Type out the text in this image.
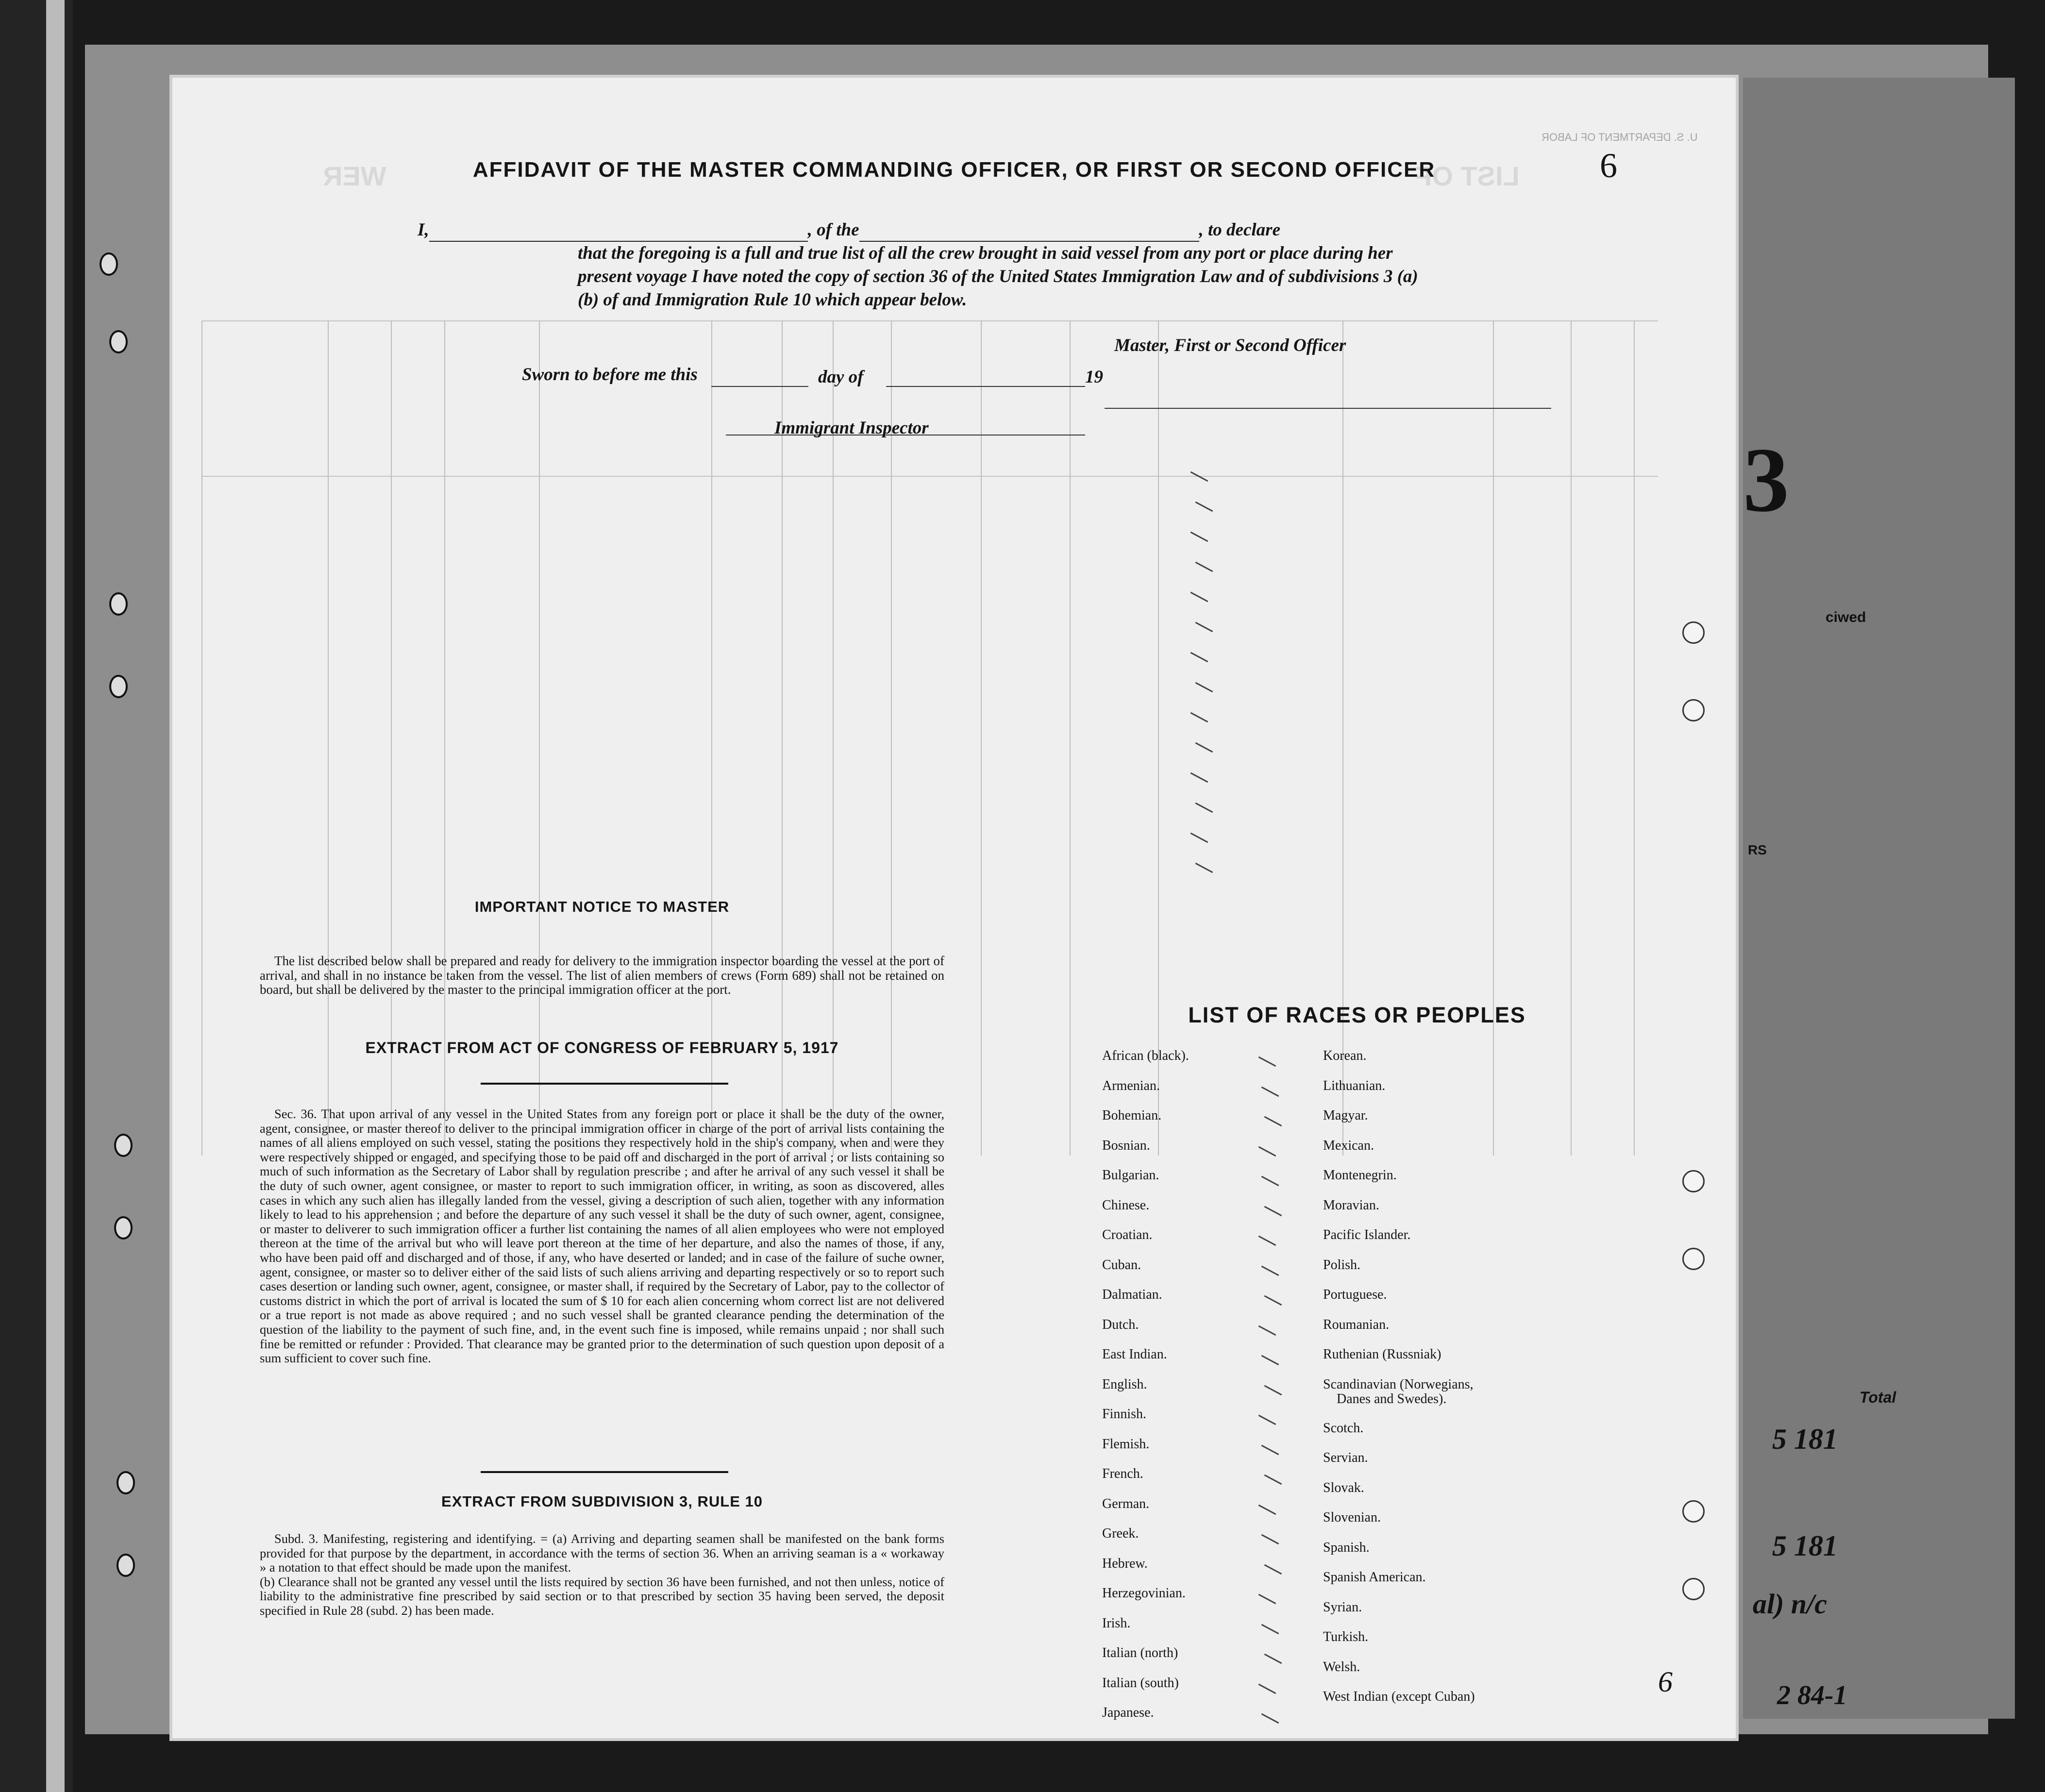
3
ciwed
Total
5 181
5 181
al) n/c
2 84-1
RS
WER	LIST OF
U. S. DEPARTMENT OF LABOR
AFFIDAVIT OF THE MASTER COMMANDING OFFICER, OR FIRST OR SECOND OFFICER

I,	, of the	, to declare

that the foregoing is a full and true list of all the crew brought in said vessel from any port or place during her

present voyage I have noted the copy of section 36 of the United States Immigration Law and of subdivisions 3 (a)

(b) of and Immigration Rule 10 which appear below.

Master, First or Second Officer
Sworn to before me this	day of	19
Immigrant Inspector
IMPORTANT NOTICE TO MASTER

The list described below shall be prepared and ready for delivery to the immigration inspector boarding the vessel at the port of arrival, and shall in no instance be taken from the vessel. The list of alien members of crews (Form 689) shall not be retained on board, but shall be delivered by the master to the principal immigration officer at the port.

EXTRACT FROM ACT OF CONGRESS OF FEBRUARY 5, 1917

Sec. 36. That upon arrival of any vessel in the United States from any foreign port or place it shall be the duty of the owner, agent, consignee, or master thereof to deliver to the principal immigration officer in charge of the port of arrival lists containing the names of all aliens employed on such vessel, stating the positions they respectively hold in the ship's company, when and were they were respectively shipped or engaged, and specifying those to be paid off and discharged in the port of arrival ; or lists containing so much of such information as the Secretary of Labor shall by regulation prescribe ; and after he arrival of any such vessel it shall be the duty of such owner, agent consignee, or master to report to such immigration officer, in writing, as soon as discovered, alles cases in which any such alien has illegally landed from the vessel, giving a description of such alien, together with any information likely to lead to his apprehension ; and before the departure of any such vessel it shall be the duty of such owner, agent, consignee, or master to deliverer to such immigration officer a further list containing the names of all alien employees who were not employed thereon at the time of the arrival but who will leave port thereon at the time of her departure, and also the names of those, if any, who have been paid off and discharged and of those, if any, who have deserted or landed; and in case of the failure of suche owner, agent, consignee, or master so to deliver either of the said lists of such aliens arriving and departing respectively or so to report such cases desertion or landing such owner, agent, consignee, or master shall, if required by the Secretary of Labor, pay to the collector of customs district in which the port of arrival is located the sum of $ 10 for each alien concerning whom correct list are not delivered or a true report is not made as above required ; and no such vessel shall be granted clearance pending the determination of the question of the liability to the payment of such fine, and, in the event such fine is imposed, while remains unpaid ; nor shall such fine be remitted or refunder : Provided. That clearance may be granted prior to the determination of such question upon deposit of a sum sufficient to cover such fine.

EXTRACT FROM SUBDIVISION 3, RULE 10

Subd. 3. Manifesting, registering and identifying. = (a) Arriving and departing seamen shall be manifested on the bank forms provided for that purpose by the department, in accordance with the terms of section 36. When an arriving seaman is a « workaway » a notation to that effect should be made upon the manifest.

(b) Clearance shall not be granted any vessel until the lists required by section 36 have been furnished, and not then unless, notice of liability to the administrative fine prescribed by said section or to that prescribed by section 35 having been served, the deposit specified in Rule 28 (subd. 2) has been made.

LIST OF RACES OR PEOPLES
African (black).
Armenian.
Bohemian.
Bosnian.
Bulgarian.
Chinese.
Croatian.
Cuban.
Dalmatian.
Dutch.
East Indian.
English.
Finnish.
Flemish.
French.
German.
Greek.
Hebrew.
Herzegovinian.
Irish.
Italian (north)
Italian (south)
Japanese.
Korean.
Lithuanian.
Magyar.
Mexican.
Montenegrin.
Moravian.
Pacific Islander.
Polish.
Portuguese.
Roumanian.
Ruthenian (Russniak)
Scandinavian (Norwegians,
Danes and Swedes).
Scotch.
Servian.
Slovak.
Slovenian.
Spanish.
Spanish American.
Syrian.
Turkish.
Welsh.
West Indian (except Cuban)
6
6
